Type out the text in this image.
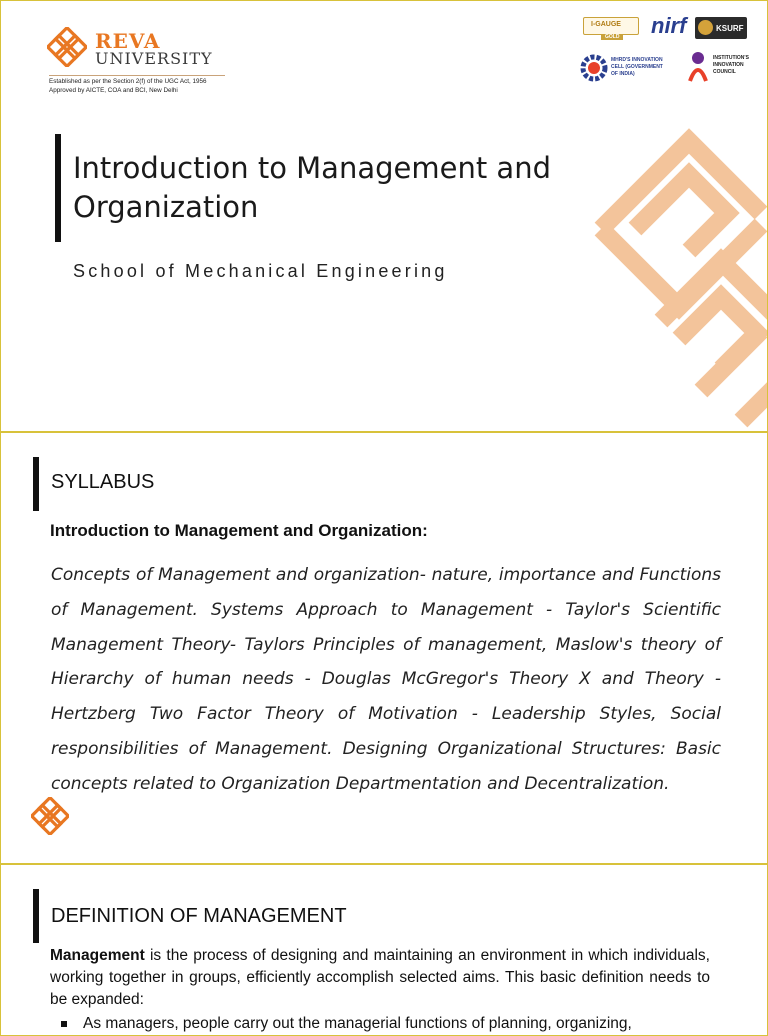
REVA
UNIVERSITY
Established as per the Section 2(f) of the UGC Act, 1956
Approved by AICTE, COA and BCI, New Delhi
I-GAUGE
GOLD nirf	KSURF
MHRD'S INNOVATION CELL (GOVERNMENT OF INDIA)
INSTITUTION'S INNOVATION COUNCIL
Introduction to Management and Organization
School of Mechanical Engineering
SYLLABUS
Introduction to Management and Organization:
Concepts of Management and organization- nature, importance and Functions of Management. Systems Approach to Management - Taylor's Scientific Management Theory- Taylors Principles of management, Maslow's theory of Hierarchy of human needs - Douglas McGregor's Theory X and Theory - Hertzberg Two Factor Theory of Motivation - Leadership Styles, Social responsibilities of Management. Designing Organizational Structures: Basic concepts related to Organization Departmentation and Decentralization.
DEFINITION OF MANAGEMENT
Management is the process of designing and maintaining an environment in which individuals, working together in groups, efficiently accomplish selected aims. This basic definition needs to be expanded:
As managers, people carry out the managerial functions of planning, organizing,
